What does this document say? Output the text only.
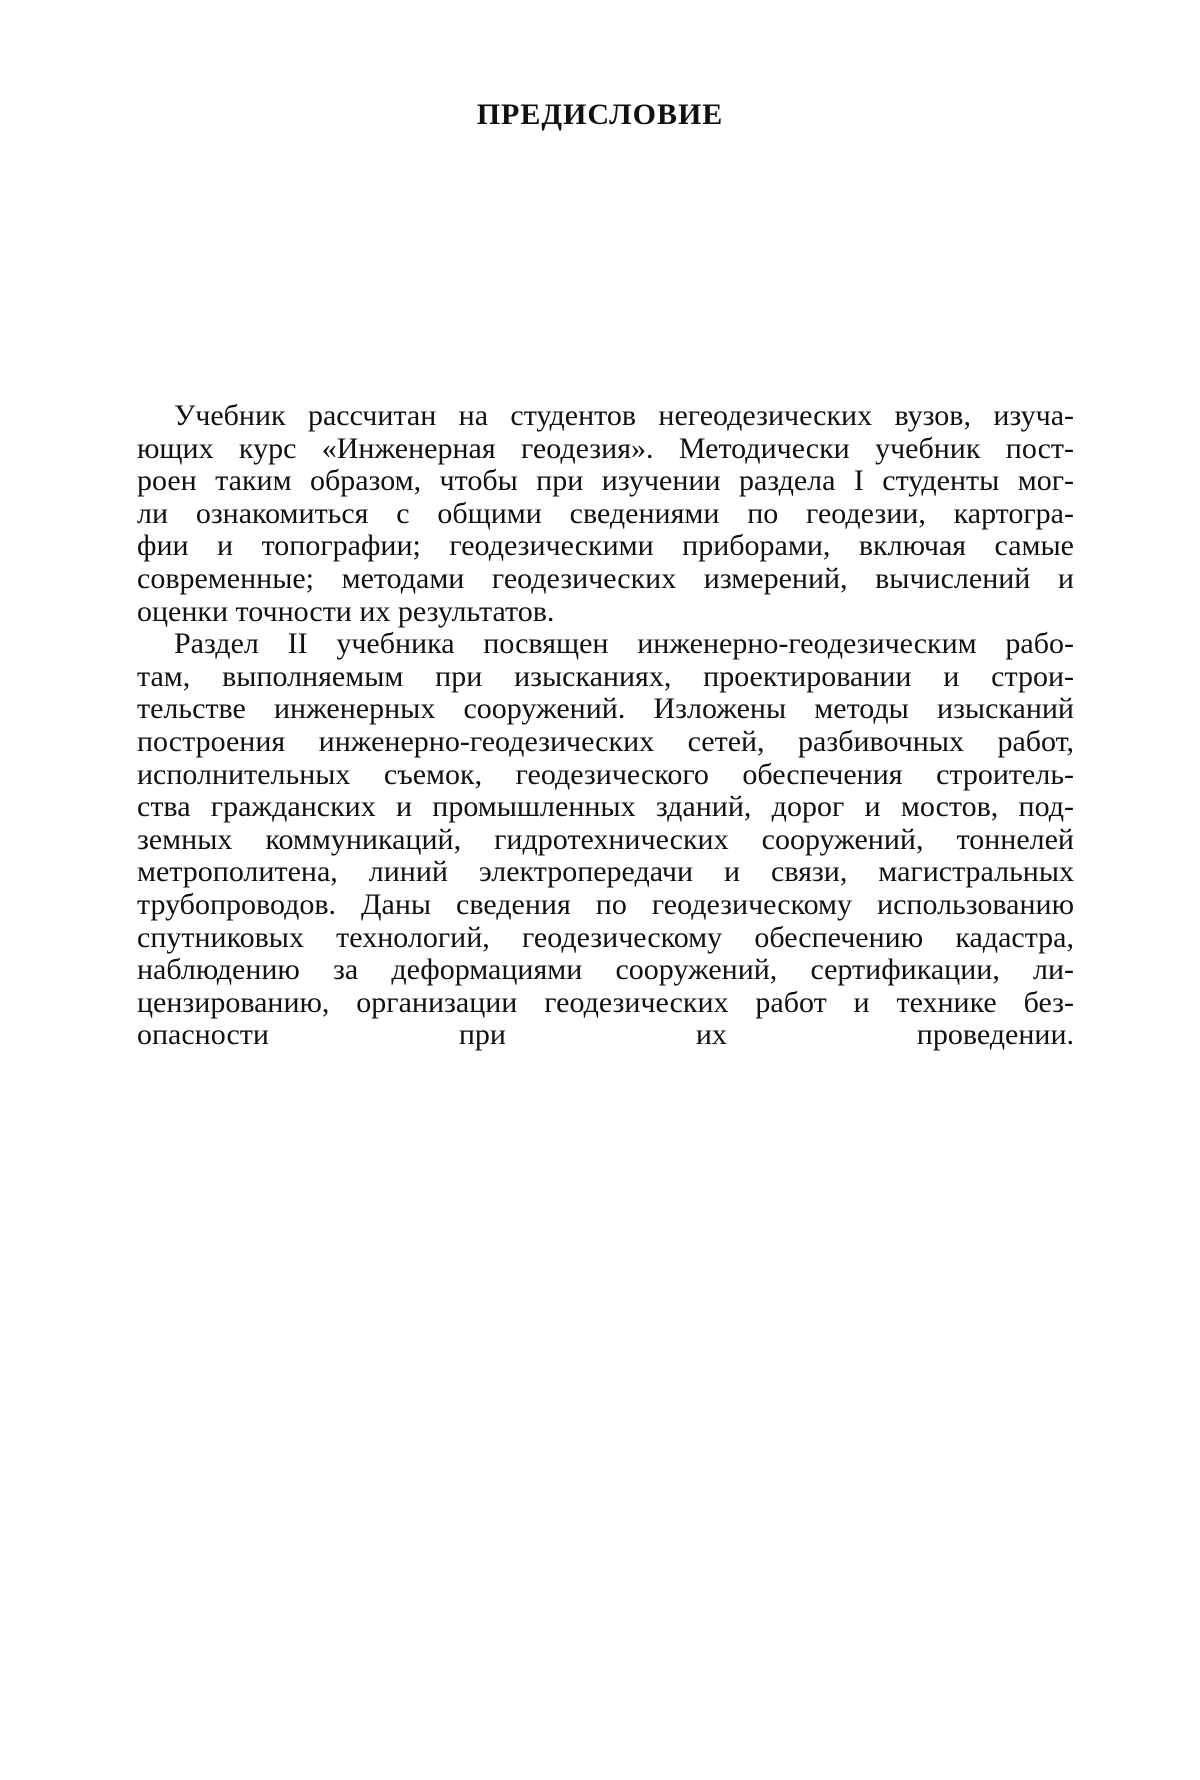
ПРЕДИСЛОВИЕ
Учебник рассчитан на студентов негеодезических вузов, изуча-
ющих курс «Инженерная геодезия». Методически учебник пост-
роен таким образом, чтобы при изучении раздела I студенты мог-
ли ознакомиться с общими сведениями по геодезии, картогра-
фии и топографии; геодезическими приборами, включая самые
современные; методами геодезических измерений, вычислений и
оценки точности их результатов.
Раздел II учебника посвящен инженерно-геодезическим рабо-
там, выполняемым при изысканиях, проектировании и строи-
тельстве инженерных сооружений. Изложены методы изысканий
построения инженерно-геодезических сетей, разбивочных работ,
исполнительных съемок, геодезического обеспечения строитель-
ства гражданских и промышленных зданий, дорог и мостов, под-
земных коммуникаций, гидротехнических сооружений, тоннелей
метрополитена, линий электропередачи и связи, магистральных
трубопроводов. Даны сведения по геодезическому использованию
спутниковых технологий, геодезическому обеспечению кадастра,
наблюдению за деформациями сооружений, сертификации, ли-
цензированию, организации геодезических работ и технике без-
опасности при их проведении.
